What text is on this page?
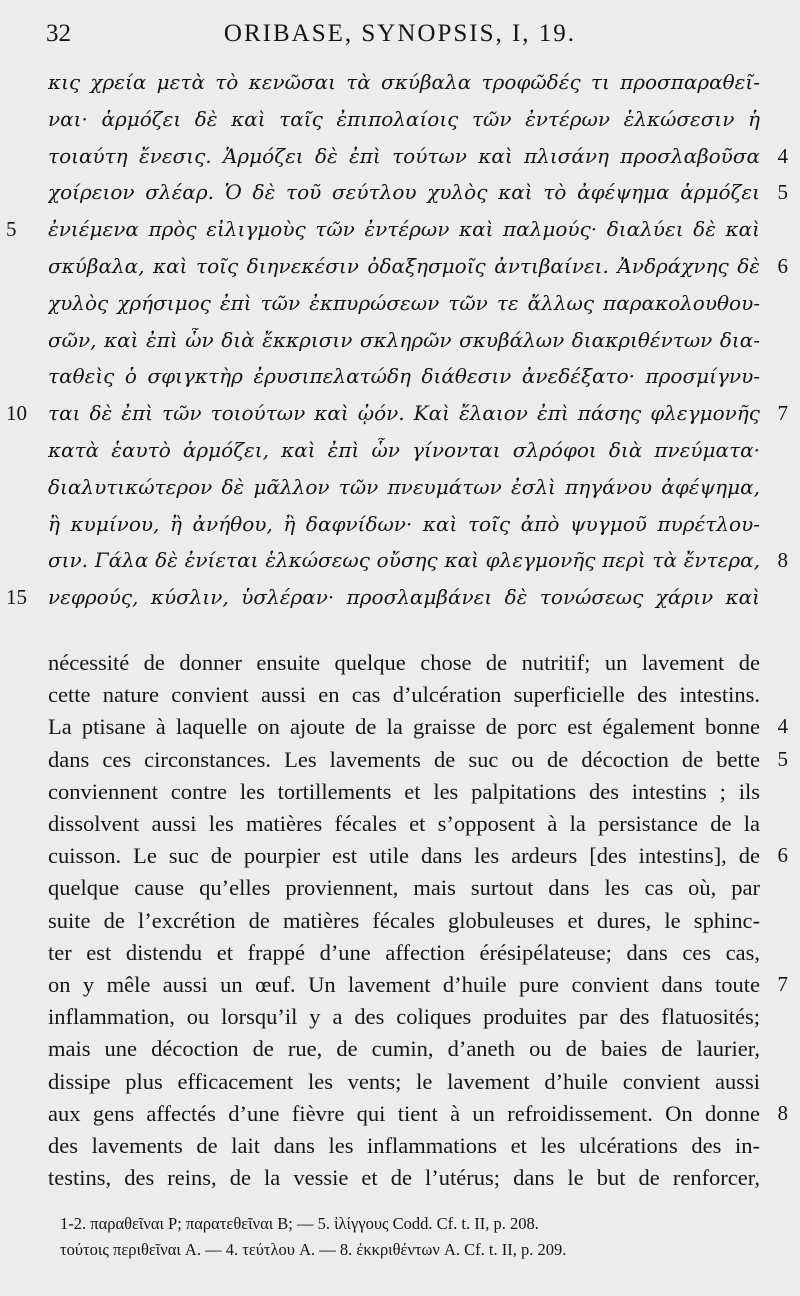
32	ORIBASE, SYNOPSIS, I, 19.
κις χρεία μετὰ τὸ κενῶσαι τὰ σκύβαλα τροφῶδές τι προσπαραθεῖ-
ναι· ἁρμόζει δὲ καὶ ταῖς ἐπιπολαίοις τῶν ἐντέρων ἑλκώσεσιν ἡ
τοιαύτη ἔνεσις. Ἁρμόζει δὲ ἐπὶ τούτων καὶ πλισάνη προσλαβοῦσα 4
χοίρειον σλέαρ. Ὁ δὲ τοῦ σεύτλου χυλὸς καὶ τὸ ἀφέψημα ἁρμόζει 5
5	ἐνιέμενα πρὸς εἰλιγμοὺς τῶν ἐντέρων καὶ παλμούς· διαλύει δὲ καὶ
σκύβαλα, καὶ τοῖς διηνεκέσιν ὀδαξησμοῖς ἀντιβαίνει. Ἀνδράχνης δὲ 6
χυλὸς χρήσιμος ἐπὶ τῶν ἐκπυρώσεων τῶν τε ἄλλως παρακολουθου-
σῶν, καὶ ἐπὶ ὧν διὰ ἔκκρισιν σκληρῶν σκυβάλων διακριθέντων δια-
ταθεὶς ὁ σφιγκτὴρ ἐρυσιπελατώδη διάθεσιν ἀνεδέξατο· προσμίγνυ-
10	ται δὲ ἐπὶ τῶν τοιούτων καὶ ᾠόν. Καὶ ἔλαιον ἐπὶ πάσης φλεγμονῆς 7
κατὰ ἑαυτὸ ἁρμόζει, καὶ ἐπὶ ὧν γίνονται σλρόφοι διὰ πνεύματα·
διαλυτικώτερον δὲ μᾶλλον τῶν πνευμάτων ἐσλὶ πηγάνου ἀφέψημα,
ἢ κυμίνου, ἢ ἀνήθου, ἢ δαφνίδων· καὶ τοῖς ἀπὸ ψυγμοῦ πυρέτλου-
σιν. Γάλα δὲ ἐνίεται ἑλκώσεως οὔσης καὶ φλεγμονῆς περὶ τὰ ἔντερα, 8
15	νεφρούς, κύσλιν, ὑσλέραν· προσλαμβάνει δὲ τονώσεως χάριν καὶ
nécessité de donner ensuite quelque chose de nutritif; un lavement de
cette nature convient aussi en cas d’ulcération superficielle des intestins.
La ptisane à laquelle on ajoute de la graisse de porc est également bonne 4
dans ces circonstances. Les lavements de suc ou de décoction de bette 5
conviennent contre les tortillements et les palpitations des intestins ; ils
dissolvent aussi les matières fécales et s’opposent à la persistance de la
cuisson. Le suc de pourpier est utile dans les ardeurs [des intestins], de 6
quelque cause qu’elles proviennent, mais surtout dans les cas où, par
suite de l’excrétion de matières fécales globuleuses et dures, le sphinc-
ter est distendu et frappé d’une affection érésipélateuse; dans ces cas,
on y mêle aussi un œuf. Un lavement d’huile pure convient dans toute 7
inflammation, ou lorsqu’il y a des coliques produites par des flatuosités;
mais une décoction de rue, de cumin, d’aneth ou de baies de laurier,
dissipe plus efficacement les vents; le lavement d’huile convient aussi
aux gens affectés d’une fièvre qui tient à un refroidissement. On donne 8
des lavements de lait dans les inflammations et les ulcérations des in-
testins, des reins, de la vessie et de l’utérus; dans le but de renforcer,
1-2. παραθεῖναι P; παρατεθεῖναι B; — 5. ἰλίγγους Codd. Cf. t. II, p. 208.
τούτοις περιθεῖναι A. — 4. τεύτλου A. — 8. ἐκκριθέντων A. Cf. t. II, p. 209.
